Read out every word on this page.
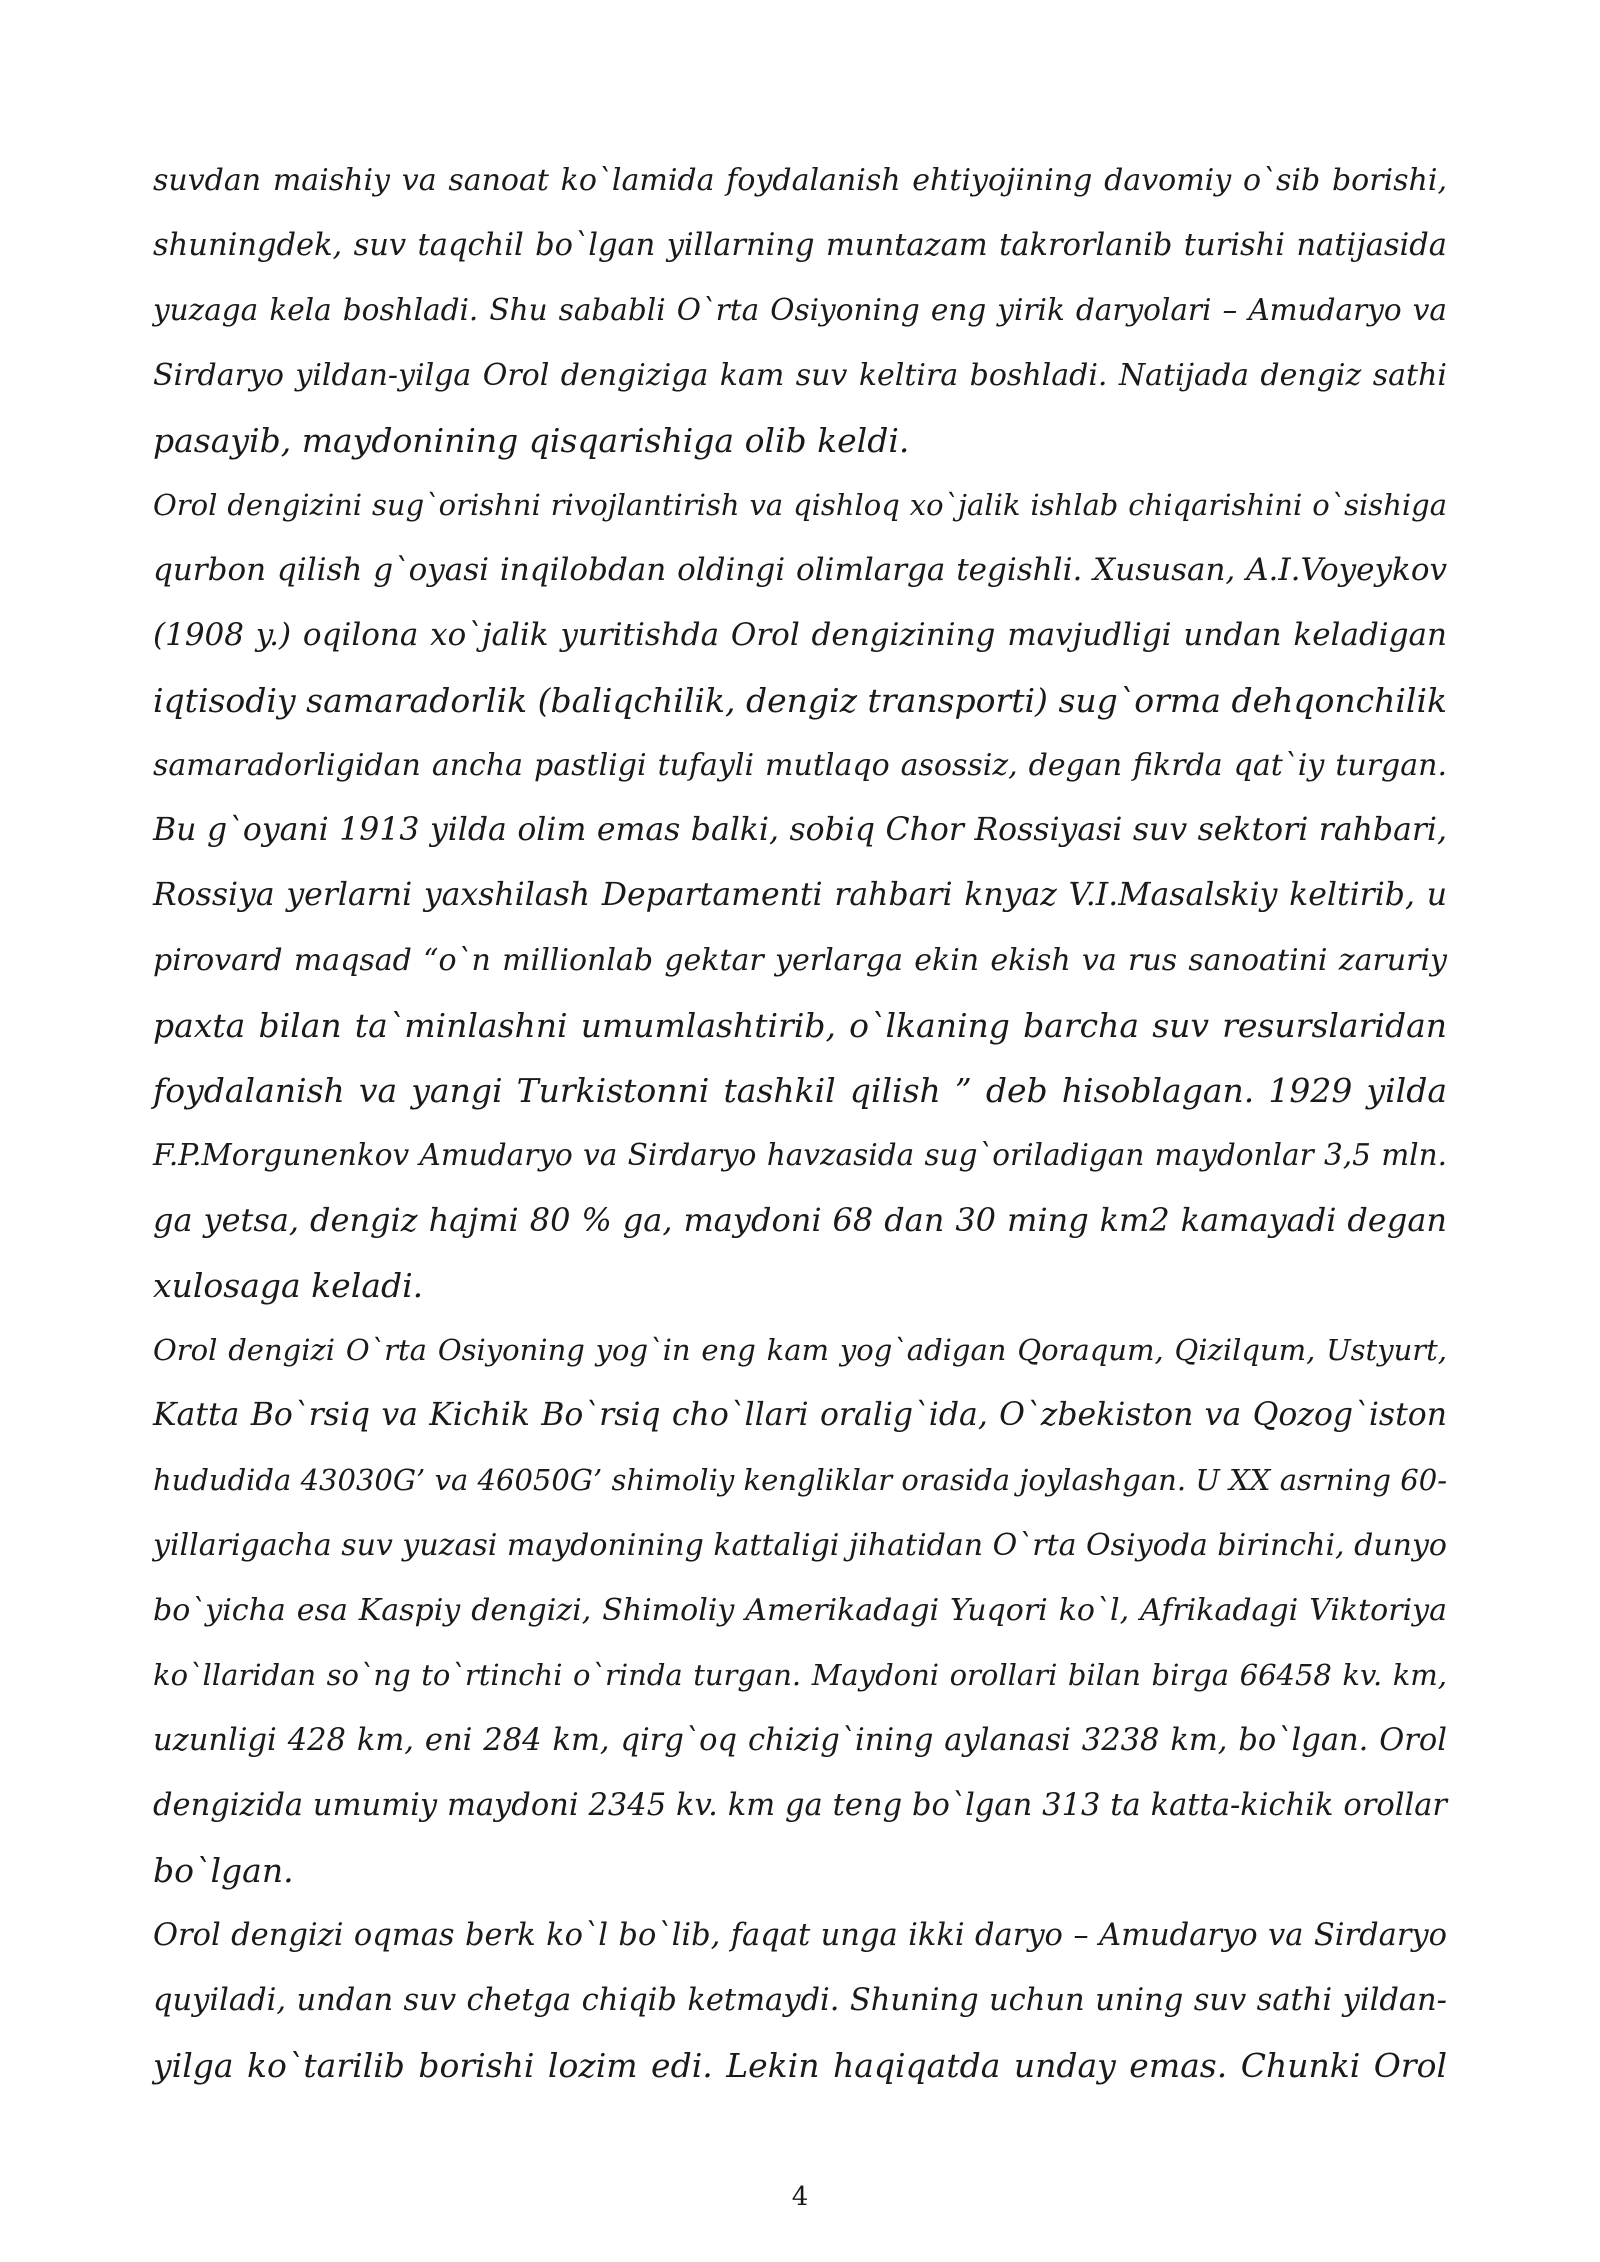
suvdan maishiy va sanoat ko`lamida foydalanish ehtiyojining davomiy o`sib borishi,
shuningdek, suv taqchil bo`lgan yillarning muntazam takrorlanib turishi natijasida
yuzaga kela boshladi. Shu sababli O`rta Osiyoning eng yirik daryolari – Amudaryo va
Sirdaryo yildan-yilga Orol dengiziga kam suv keltira boshladi. Natijada dengiz sathi
pasayib, maydonining qisqarishiga olib keldi.
Orol dengizini sug`orishni rivojlantirish va qishloq xo`jalik ishlab chiqarishini o`sishiga
qurbon qilish g`oyasi inqilobdan oldingi olimlarga tegishli. Xususan, A.I.Voyeykov
(1908 y.) oqilona xo`jalik yuritishda Orol dengizining mavjudligi undan keladigan
iqtisodiy samaradorlik (baliqchilik, dengiz transporti) sug`orma dehqonchilik
samaradorligidan ancha pastligi tufayli mutlaqo asossiz, degan fikrda qat`iy turgan.
Bu g`oyani 1913 yilda olim emas balki, sobiq Chor Rossiyasi suv sektori rahbari,
Rossiya yerlarni yaxshilash Departamenti rahbari knyaz V.I.Masalskiy keltirib, u
pirovard maqsad “o`n millionlab gektar yerlarga ekin ekish va rus sanoatini zaruriy
paxta bilan ta`minlashni umumlashtirib, o`lkaning barcha suv resurslaridan
foydalanish va yangi Turkistonni tashkil qilish ” deb hisoblagan. 1929 yilda
F.P.Morgunenkov Amudaryo va Sirdaryo havzasida sug`oriladigan maydonlar 3,5 mln.
ga yetsa, dengiz hajmi 80 % ga, maydoni 68 dan 30 ming km2 kamayadi degan
xulosaga keladi.
Orol dengizi O`rta Osiyoning yog`in eng kam yog`adigan Qoraqum, Qizilqum, Ustyurt,
Katta Bo`rsiq va Kichik Bo`rsiq cho`llari oralig`ida, O`zbekiston va Qozog`iston
hududida 43030G’ va 46050G’ shimoliy kengliklar orasida joylashgan. U XX asrning 60-
yillarigacha suv yuzasi maydonining kattaligi jihatidan O`rta Osiyoda birinchi, dunyo
bo`yicha esa Kaspiy dengizi, Shimoliy Amerikadagi Yuqori ko`l, Afrikadagi Viktoriya
ko`llaridan so`ng to`rtinchi o`rinda turgan. Maydoni orollari bilan birga 66458 kv. km,
uzunligi 428 km, eni 284 km, qirg`oq chizig`ining aylanasi 3238 km, bo`lgan. Orol
dengizida umumiy maydoni 2345 kv. km ga teng bo`lgan 313 ta katta-kichik orollar
bo`lgan.
Orol dengizi oqmas berk ko`l bo`lib, faqat unga ikki daryo – Amudaryo va Sirdaryo
quyiladi, undan suv chetga chiqib ketmaydi. Shuning uchun uning suv sathi yildan-
yilga ko`tarilib borishi lozim edi. Lekin haqiqatda unday emas. Chunki Orol
4
